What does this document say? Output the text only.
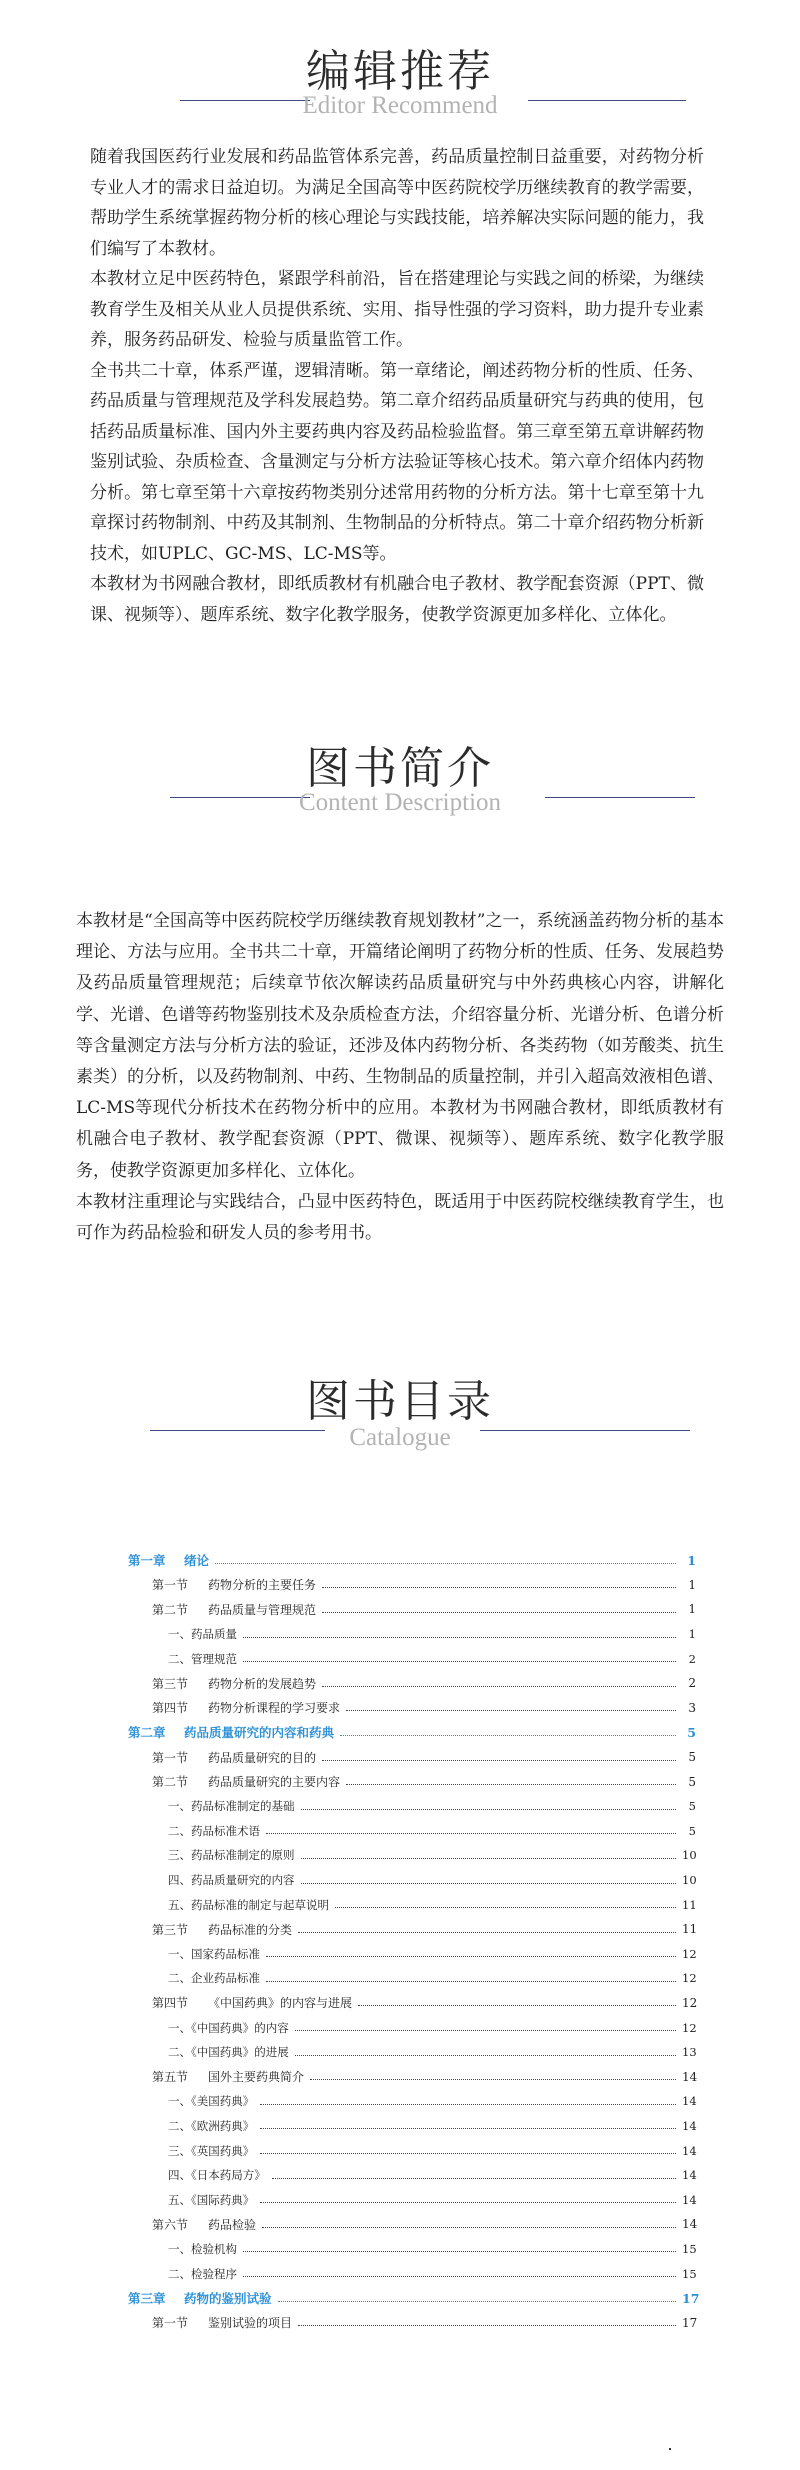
编辑推荐
Editor Recommend

随着我国医药行业发展和药品监管体系完善，药品质量控制日益重要，对药物分析专业人才的需求日益迫切。为满足全国高等中医药院校学历继续教育的教学需要，帮助学生系统掌握药物分析的核心理论与实践技能，培养解决实际问题的能力，我们编写了本教材。

本教材立足中医药特色，紧跟学科前沿，旨在搭建理论与实践之间的桥梁，为继续教育学生及相关从业人员提供系统、实用、指导性强的学习资料，助力提升专业素养，服务药品研发、检验与质量监管工作。

全书共二十章，体系严谨，逻辑清晰。第一章绪论，阐述药物分析的性质、任务、药品质量与管理规范及学科发展趋势。第二章介绍药品质量研究与药典的使用，包括药品质量标准、国内外主要药典内容及药品检验监督。第三章至第五章讲解药物鉴别试验、杂质检查、含量测定与分析方法验证等核心技术。第六章介绍体内药物分析。第七章至第十六章按药物类别分述常用药物的分析方法。第十七章至第十九章探讨药物制剂、中药及其制剂、生物制品的分析特点。第二十章介绍药物分析新技术，如UPLC、GC-MS、LC-MS等。

本教材为书网融合教材，即纸质教材有机融合电子教材、教学配套资源（PPT、微课、视频等）、题库系统、数字化教学服务，使教学资源更加多样化、立体化。

图书简介
Content Description

本教材是“全国高等中医药院校学历继续教育规划教材”之一，系统涵盖药物分析的基本理论、方法与应用。全书共二十章，开篇绪论阐明了药物分析的性质、任务、发展趋势及药品质量管理规范；后续章节依次解读药品质量研究与中外药典核心内容，讲解化学、光谱、色谱等药物鉴别技术及杂质检查方法，介绍容量分析、光谱分析、色谱分析等含量测定方法与分析方法的验证，还涉及体内药物分析、各类药物（如芳酸类、抗生素类）的分析，以及药物制剂、中药、生物制品的质量控制，并引入超高效液相色谱、LC-MS等现代分析技术在药物分析中的应用。本教材为书网融合教材，即纸质教材有机融合电子教材、教学配套资源（PPT、微课、视频等）、题库系统、数字化教学服务，使教学资源更加多样化、立体化。

本教材注重理论与实践结合，凸显中医药特色，既适用于中医药院校继续教育学生，也可作为药品检验和研发人员的参考用书。

图书目录
Catalogue
第一章	绪论	1
第一节	药物分析的主要任务	1
第二节	药品质量与管理规范	1
一、药品质量	1
二、管理规范	2
第三节	药物分析的发展趋势	2
第四节	药物分析课程的学习要求	3
第二章	药品质量研究的内容和药典	5
第一节	药品质量研究的目的	5
第二节	药品质量研究的主要内容	5
一、药品标准制定的基础	5
二、药品标准术语	5
三、药品标准制定的原则	10
四、药品质量研究的内容	10
五、药品标准的制定与起草说明	11
第三节	药品标准的分类	11
一、国家药品标准	12
二、企业药品标准	12
第四节	《中国药典》的内容与进展	12
一、《中国药典》的内容	12
二、《中国药典》的进展	13
第五节	国外主要药典简介	14
一、《美国药典》	14
二、《欧洲药典》	14
三、《英国药典》	14
四、《日本药局方》	14
五、《国际药典》	14
第六节	药品检验	14
一、检验机构	15
二、检验程序	15
第三章	药物的鉴别试验	17
第一节	鉴别试验的项目	17
